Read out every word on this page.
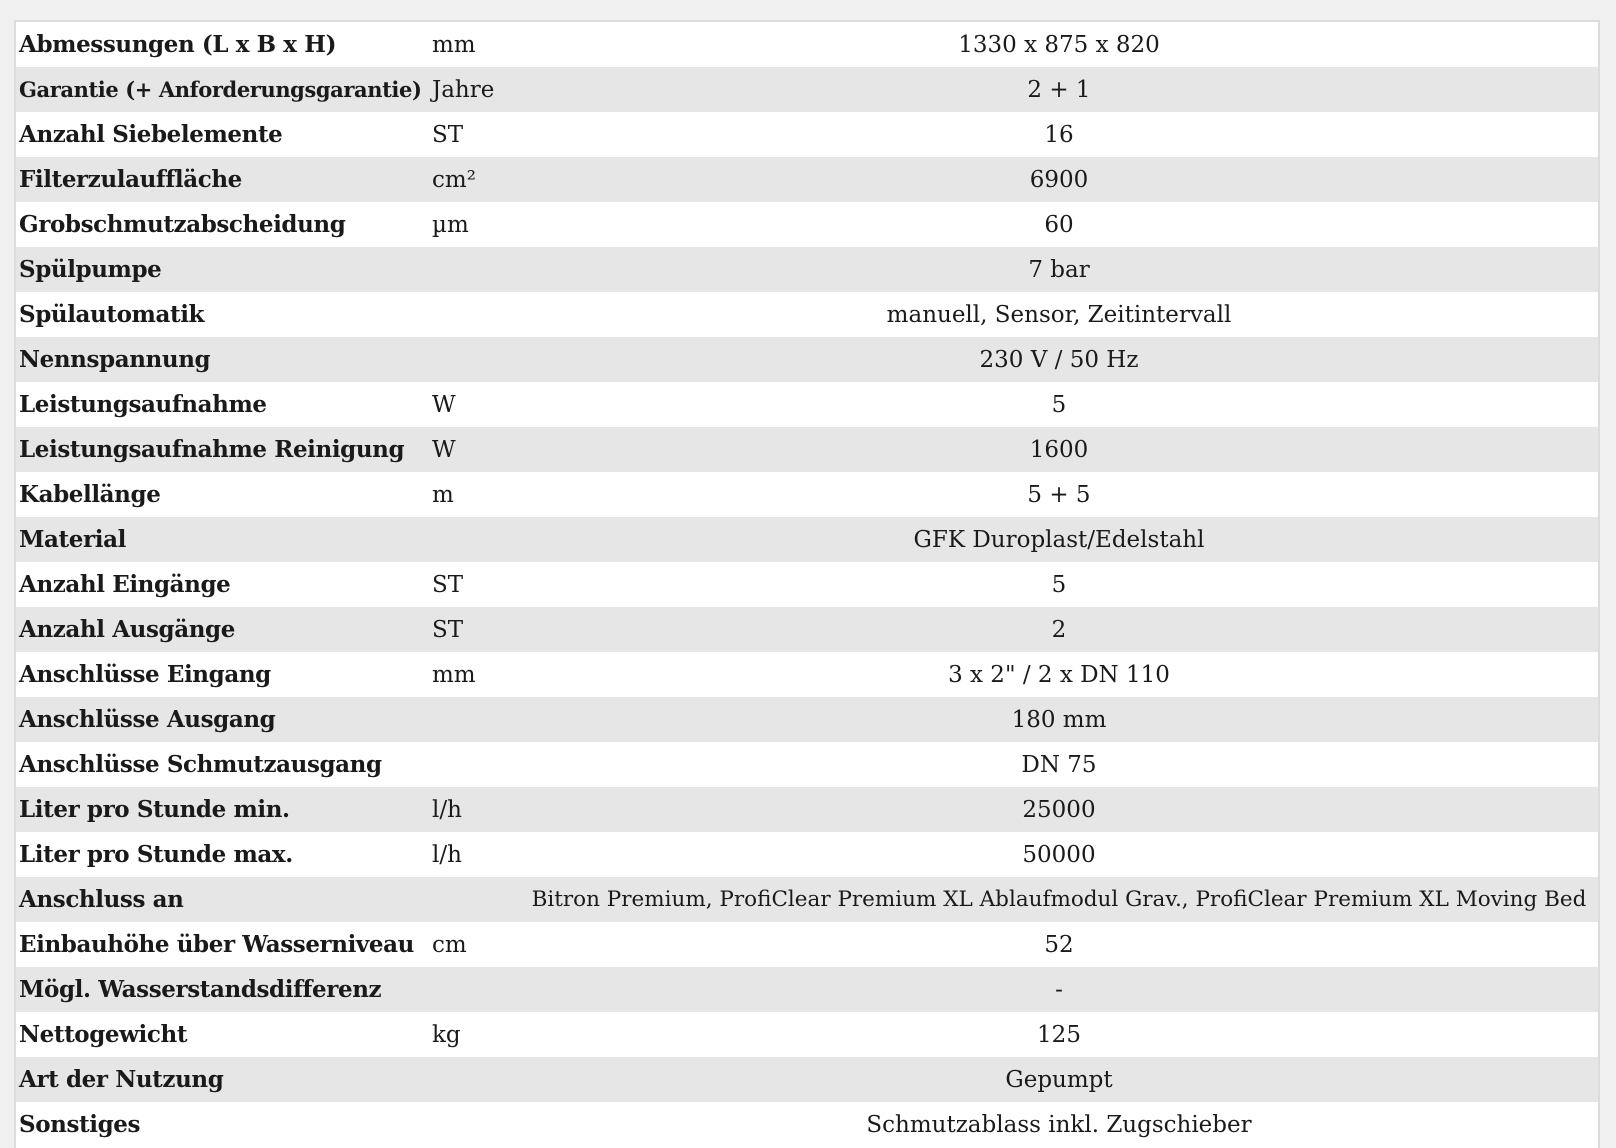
Abmessungen (L x B x H)	mm	1330 x 875 x 820
Garantie (+ Anforderungsgarantie)	Jahre	2 + 1
Anzahl Siebelemente	ST	16
Filterzulauffläche	cm²	6900
Grobschmutzabscheidung	µm	60
Spülpumpe		7 bar
Spülautomatik		manuell, Sensor, Zeitintervall
Nennspannung		230 V / 50 Hz
Leistungsaufnahme	W	5
Leistungsaufnahme Reinigung	W	1600
Kabellänge	m	5 + 5
Material		GFK Duroplast/Edelstahl
Anzahl Eingänge	ST	5
Anzahl Ausgänge	ST	2
Anschlüsse Eingang	mm	3 x 2" / 2 x DN 110
Anschlüsse Ausgang		180 mm
Anschlüsse Schmutzausgang		DN 75
Liter pro Stunde min.	l/h	25000
Liter pro Stunde max.	l/h	50000
Anschluss an		Bitron Premium, ProfiClear Premium XL Ablaufmodul Grav., ProfiClear Premium XL Moving Bed
Einbauhöhe über Wasserniveau	cm	52
Mögl. Wasserstandsdifferenz		-
Nettogewicht	kg	125
Art der Nutzung		Gepumpt
Sonstiges		Schmutzablass inkl. Zugschieber
